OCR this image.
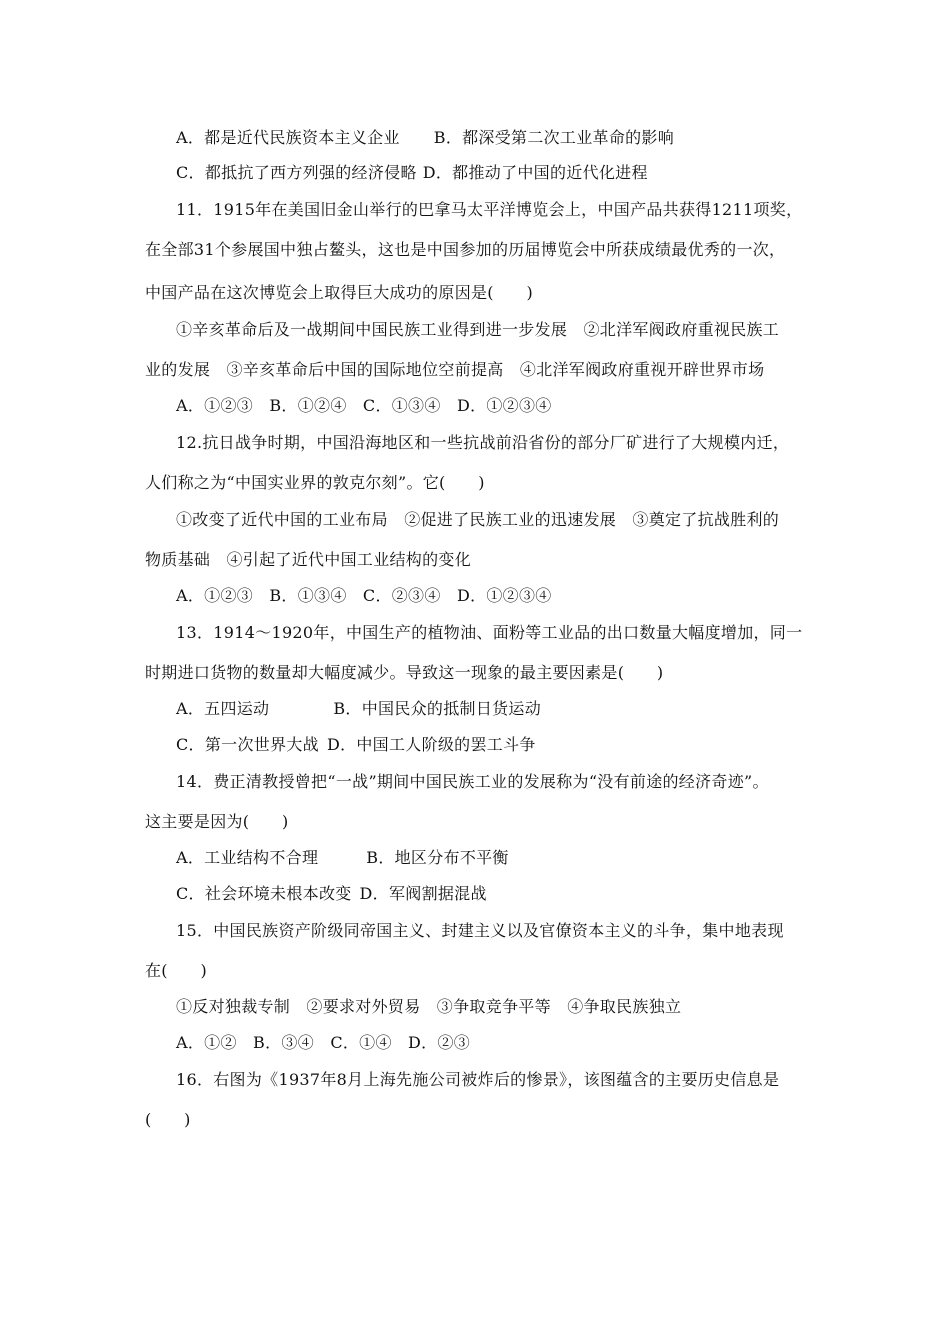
A．都是近代民族资本主义企业 B．都深受第二次工业革命的影响
C．都抵抗了西方列强的经济侵略 D．都推动了中国的近代化进程
11．1915年在美国旧金山举行的巴拿马太平洋博览会上，中国产品共获得1211项奖，
在全部31个参展国中独占鳌头，这也是中国参加的历届博览会中所获成绩最优秀的一次，
中国产品在这次博览会上取得巨大成功的原因是(　　)
①辛亥革命后及一战期间中国民族工业得到进一步发展　②北洋军阀政府重视民族工
业的发展　③辛亥革命后中国的国际地位空前提高　④北洋军阀政府重视开辟世界市场
A．①②③　B．①②④　C．①③④　D．①②③④
12.抗日战争时期，中国沿海地区和一些抗战前沿省份的部分厂矿进行了大规模内迁，
人们称之为“中国实业界的敦克尔刻”。它(　　)
①改变了近代中国的工业布局　②促进了民族工业的迅速发展　③奠定了抗战胜利的
物质基础　④引起了近代中国工业结构的变化
A．①②③　B．①③④　C．②③④　D．①②③④
13．1914～1920年，中国生产的植物油、面粉等工业品的出口数量大幅度增加，同一
时期进口货物的数量却大幅度减少。导致这一现象的最主要因素是(　　)
A．五四运动	B．中国民众的抵制日货运动
C．第一次世界大战 D．中国工人阶级的罢工斗争
14．费正清教授曾把“一战”期间中国民族工业的发展称为“没有前途的经济奇迹”。
这主要是因为(　　)
A．工业结构不合理	B．地区分布不平衡
C．社会环境未根本改变 D．军阀割据混战
15．中国民族资产阶级同帝国主义、封建主义以及官僚资本主义的斗争，集中地表现
在(　　)
①反对独裁专制　②要求对外贸易　③争取竞争平等　④争取民族独立
A．①②　B．③④　C．①④　D．②③
16．右图为《1937年8月上海先施公司被炸后的惨景》，该图蕴含的主要历史信息是
(　　)
